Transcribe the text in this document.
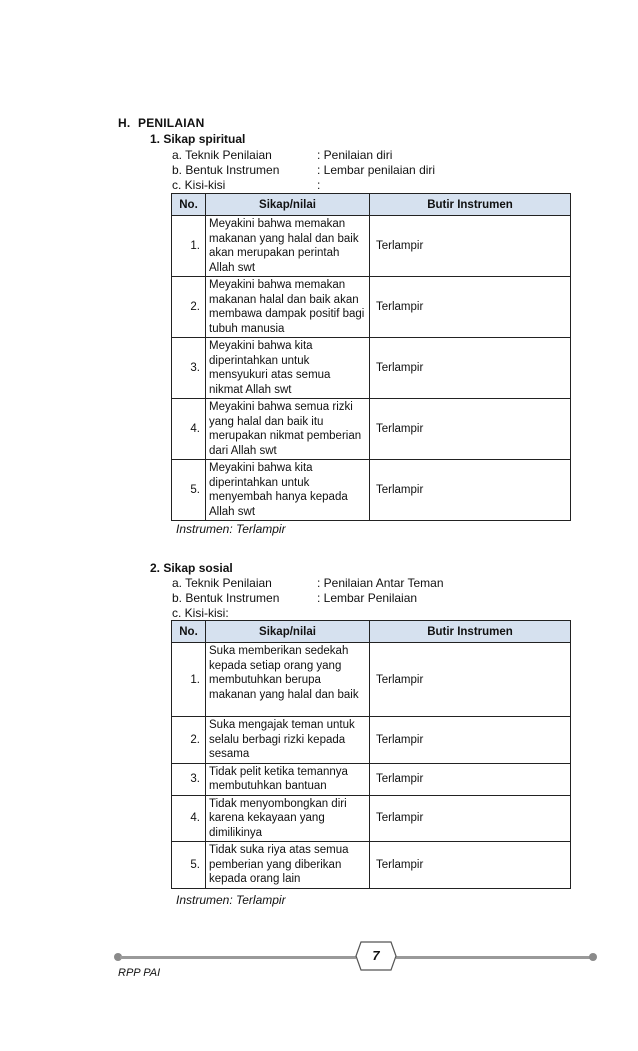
H. PENILAIAN
1. Sikap spiritual
a. Teknik Penilaian	: Penilaian diri
b. Bentuk Instrumen	: Lembar penilaian diri
c. Kisi-kisi	:
No.	Sikap/nilai	Butir Instrumen
1.	Meyakini bahwa memakan makanan yang halal dan baik akan merupakan perintah Allah swt	Terlampir
2.	Meyakini bahwa memakan makanan halal dan baik akan membawa dampak positif bagi tubuh manusia	Terlampir
3.	Meyakini bahwa kita diperintahkan untuk mensyukuri atas semua nikmat Allah swt	Terlampir
4.	Meyakini bahwa semua rizki yang halal dan baik itu merupakan nikmat pemberian dari Allah swt	Terlampir
5.	Meyakini bahwa kita diperintahkan untuk menyembah hanya kepada Allah swt	Terlampir
Instrumen: Terlampir
2. Sikap sosial
a. Teknik Penilaian	: Penilaian Antar Teman
b. Bentuk Instrumen	: Lembar Penilaian
c. Kisi-kisi:
No.	Sikap/nilai	Butir Instrumen
1.	Suka memberikan sedekah kepada setiap orang yang membutuhkan berupa makanan yang halal dan baik	Terlampir
2.	Suka mengajak teman untuk selalu berbagi rizki kepada sesama	Terlampir
3.	Tidak pelit ketika temannya membutuhkan bantuan	Terlampir
4.	Tidak menyombongkan diri karena kekayaan yang dimilikinya	Terlampir
5.	Tidak suka riya atas semua pemberian yang diberikan kepada orang lain	Terlampir
Instrumen: Terlampir
7
RPP PAI
